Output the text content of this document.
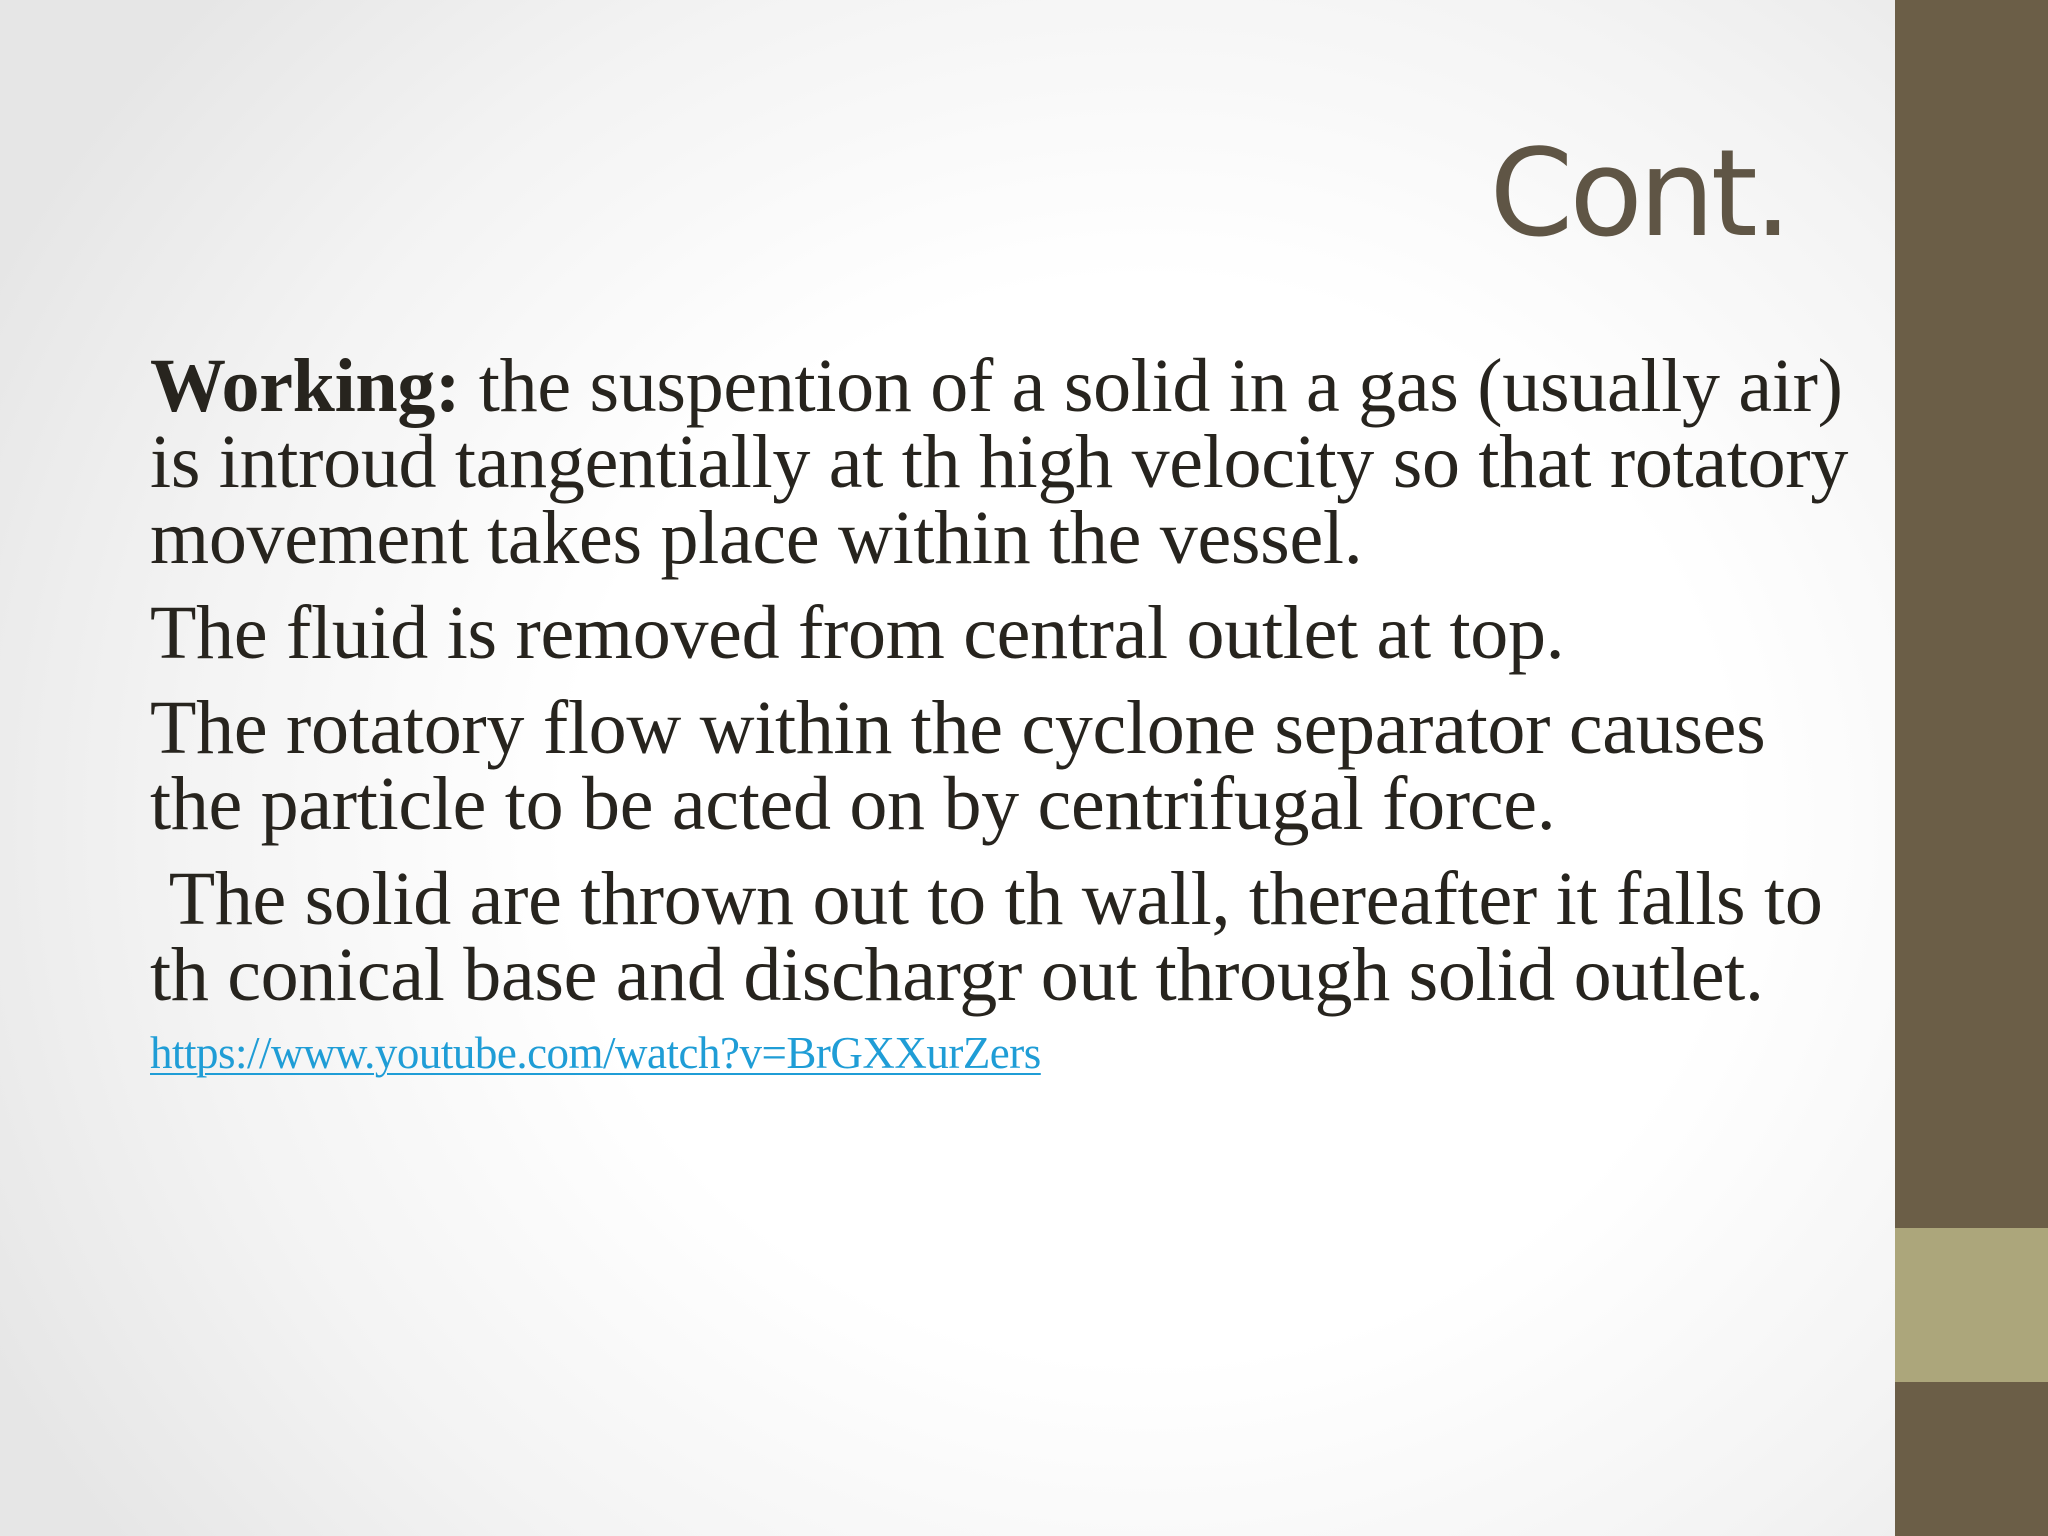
Cont.

Working: the suspention of a solid in a gas (usually air) is introud tangentially at th high velocity so that rotatory movement takes place within the vessel.

The fluid is removed from central outlet at top.

The rotatory flow within the cyclone separator causes the particle to be acted on by centrifugal force.

The solid are thrown out to th wall, thereafter it falls to th conical base and dischargr out through solid outlet.

https://www.youtube.com/watch?v=BrGXXurZers
